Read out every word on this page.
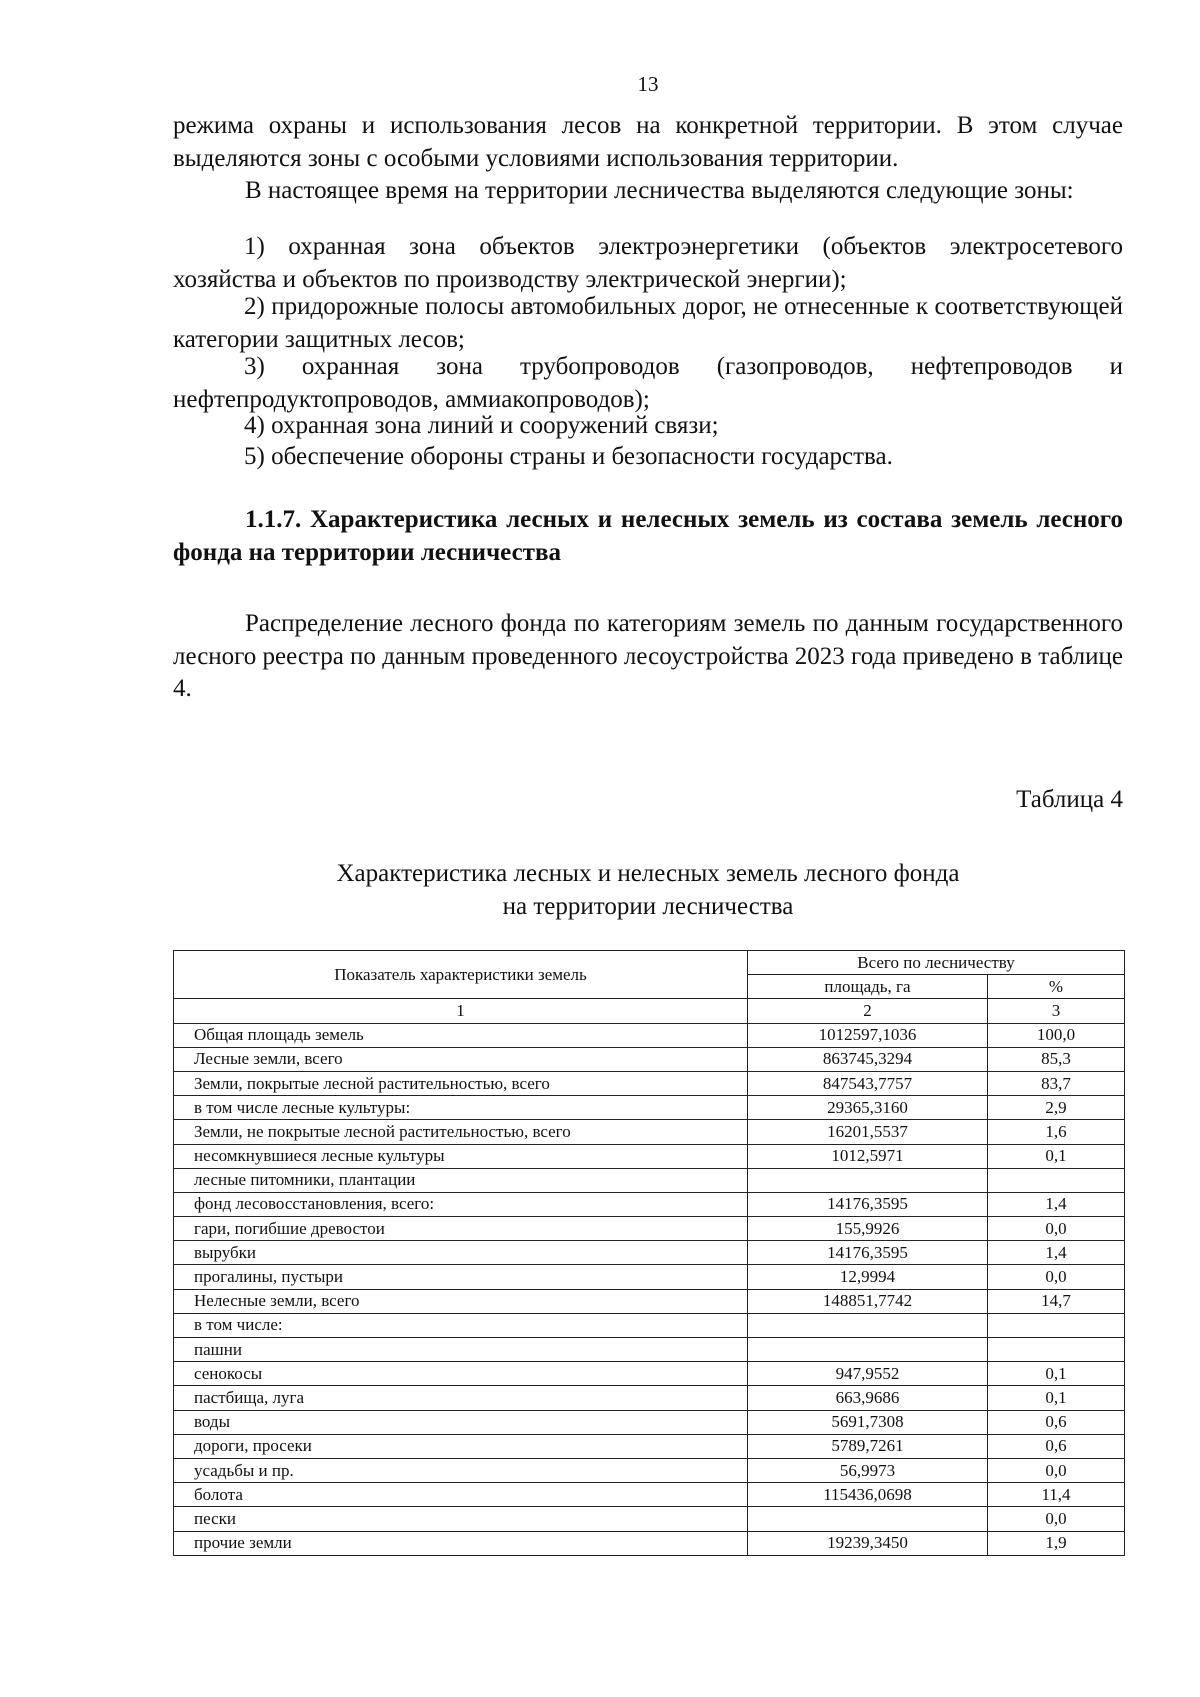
13
режима охраны и использования лесов на конкретной территории. В этом случае выделяются зоны с особыми условиями использования территории.
В настоящее время на территории лесничества выделяются следующие зоны:
1) охранная зона объектов электроэнергетики (объектов электросетевого хозяйства и объектов по производству электрической энергии);
2) придорожные полосы автомобильных дорог, не отнесенные к соответствующей категории защитных лесов;
3) охранная зона трубопроводов (газопроводов, нефтепроводов и нефтепродуктопроводов, аммиакопроводов);
4) охранная зона линий и сооружений связи;
5) обеспечение обороны страны и безопасности государства.
1.1.7. Характеристика лесных и нелесных земель из состава земель лесного фонда на территории лесничества
Распределение лесного фонда по категориям земель по данным государственного лесного реестра по данным проведенного лесоустройства 2023 года приведено в таблице 4.
Таблица 4
Характеристика лесных и нелесных земель лесного фонда
на территории лесничества
Показатель характеристики земель	Всего по лесничеству	
	площадь, га	%
1	2	3
Общая площадь земель	1012597,1036	100,0
Лесные земли, всего	863745,3294	85,3
Земли, покрытые лесной растительностью, всего	847543,7757	83,7
в том числе лесные культуры:	29365,3160	2,9
Земли, не покрытые лесной растительностью, всего	16201,5537	1,6
несомкнувшиеся лесные культуры	1012,5971	0,1
лесные питомники, плантации		
фонд лесовосстановления, всего:	14176,3595	1,4
гари, погибшие древостои	155,9926	0,0
вырубки	14176,3595	1,4
прогалины, пустыри	12,9994	0,0
Нелесные земли, всего	148851,7742	14,7
в том числе:		
пашни		
сенокосы	947,9552	0,1
пастбища, луга	663,9686	0,1
воды	5691,7308	0,6
дороги, просеки	5789,7261	0,6
усадьбы и пр.	56,9973	0,0
болота	115436,0698	11,4
пески		0,0
прочие земли	19239,3450	1,9
